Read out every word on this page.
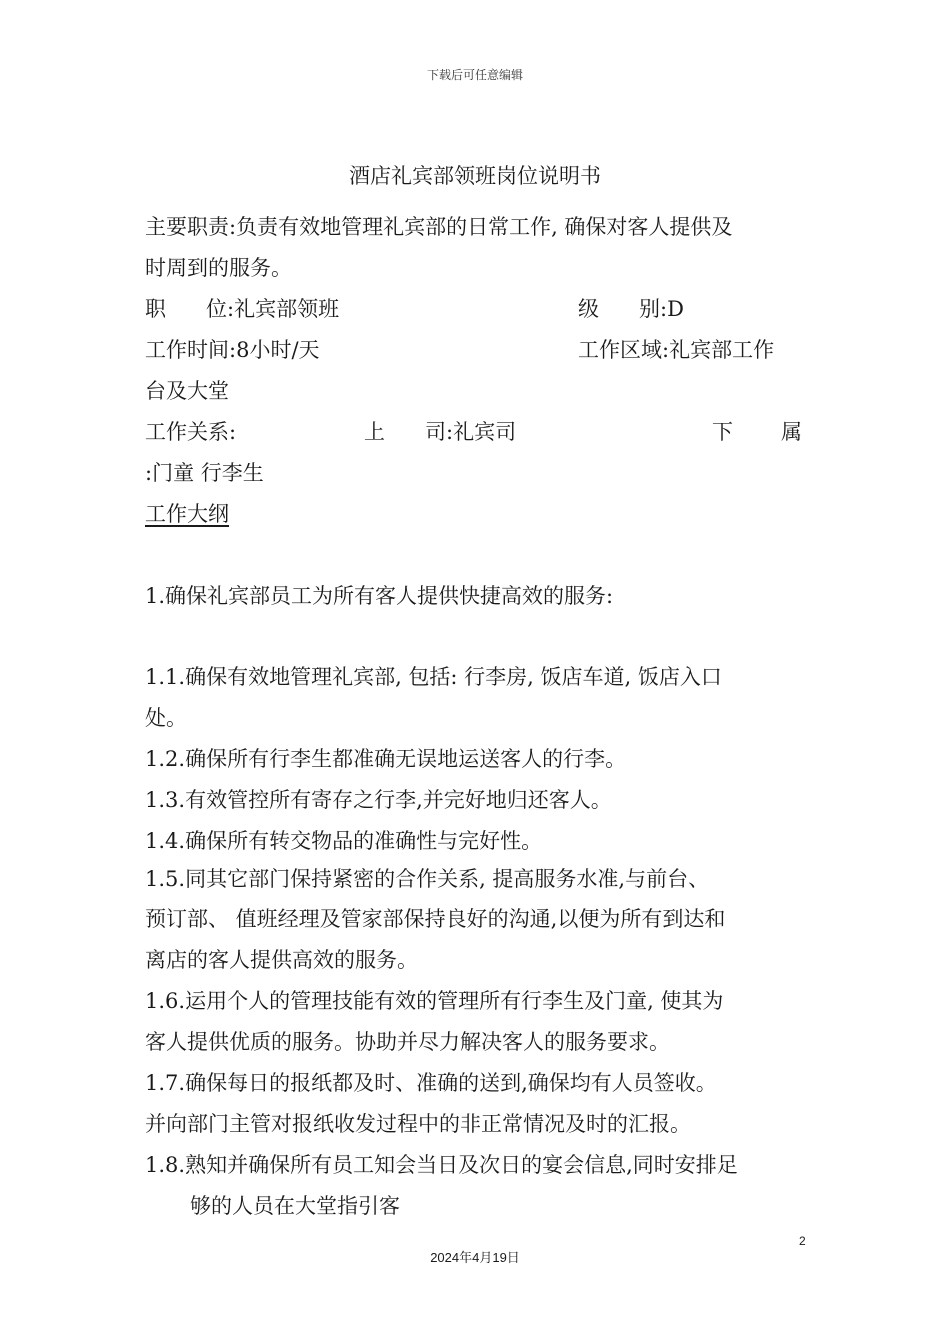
下载后可任意编辑
酒店礼宾部领班岗位说明书
主要职责:负责有效地管理礼宾部的日常工作, 确保对客人提供及
时周到的服务。
职      位:礼宾部领班	级      别:D
工作时间:8小时/天	工作区域:礼宾部工作
台及大堂
工作关系:	上      司:礼宾司	下 属
:门童 行李生
工作大纲
1.确保礼宾部员工为所有客人提供快捷高效的服务:
1.1.确保有效地管理礼宾部, 包括: 行李房, 饭店车道, 饭店入口
处。
1.2.确保所有行李生都准确无误地运送客人的行李。
1.3.有效管控所有寄存之行李,并完好地归还客人。
1.4.确保所有转交物品的准确性与完好性。
1.5.同其它部门保持紧密的合作关系, 提高服务水准,与前台、
预订部、 值班经理及管家部保持良好的沟通,以便为所有到达和
离店的客人提供高效的服务。
1.6.运用个人的管理技能有效的管理所有行李生及门童, 使其为
客人提供优质的服务。协助并尽力解决客人的服务要求。
1.7.确保每日的报纸都及时、准确的送到,确保均有人员签收。
并向部门主管对报纸收发过程中的非正常情况及时的汇报。
1.8.熟知并确保所有员工知会当日及次日的宴会信息,同时安排足
够的人员在大堂指引客
2
2024年4月19日
